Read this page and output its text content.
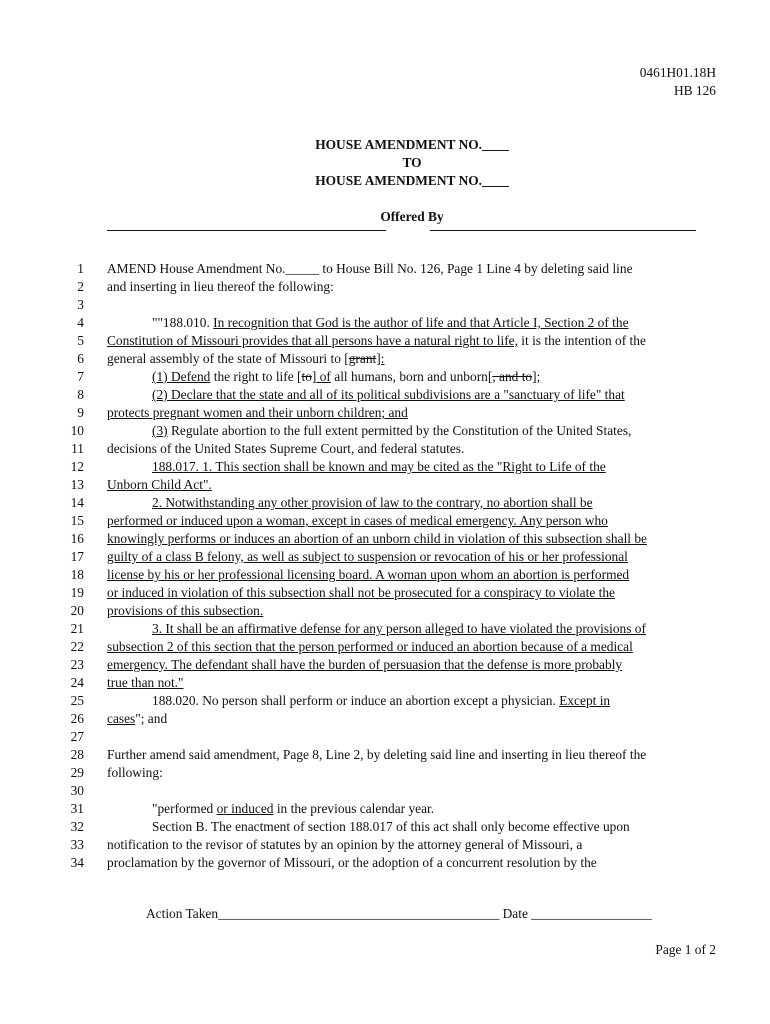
0461H01.18H
HB 126
HOUSE AMENDMENT NO.____
TO
HOUSE AMENDMENT NO.____
Offered By
1
2
3
4
5
6
7
8
9
10
11
12
13
14
15
16
17
18
19
20
21
22
23
24
25
26
27
28
29
30
31
32
33
34
AMEND House Amendment No._____ to House Bill No. 126, Page 1 Line 4 by deleting said line
and inserting in lieu thereof the following:
""188.010. In recognition that God is the author of life and that Article I, Section 2 of the
Constitution of Missouri provides that all persons have a natural right to life, it is the intention of the
general assembly of the state of Missouri to [grant]:
(1) Defend the right to life [to] of all humans, born and unborn[, and to];
(2) Declare that the state and all of its political subdivisions are a "sanctuary of life" that
protects pregnant women and their unborn children; and
(3) Regulate abortion to the full extent permitted by the Constitution of the United States,
decisions of the United States Supreme Court, and federal statutes.
188.017. 1. This section shall be known and may be cited as the "Right to Life of the
Unborn Child Act".
2. Notwithstanding any other provision of law to the contrary, no abortion shall be
performed or induced upon a woman, except in cases of medical emergency. Any person who
knowingly performs or induces an abortion of an unborn child in violation of this subsection shall be
guilty of a class B felony, as well as subject to suspension or revocation of his or her professional
license by his or her professional licensing board. A woman upon whom an abortion is performed
or induced in violation of this subsection shall not be prosecuted for a conspiracy to violate the
provisions of this subsection.
3. It shall be an affirmative defense for any person alleged to have violated the provisions of
subsection 2 of this section that the person performed or induced an abortion because of a medical
emergency. The defendant shall have the burden of persuasion that the defense is more probably
true than not."
188.020. No person shall perform or induce an abortion except a physician. Except in
cases"; and
Further amend said amendment, Page 8, Line 2, by deleting said line and inserting in lieu thereof the
following:
"performed or induced in the previous calendar year.
Section B. The enactment of section 188.017 of this act shall only become effective upon
notification to the revisor of statutes by an opinion by the attorney general of Missouri, a
proclamation by the governor of Missouri, or the adoption of a concurrent resolution by the
Action Taken__________________________________________ Date __________________
Page 1 of 2
